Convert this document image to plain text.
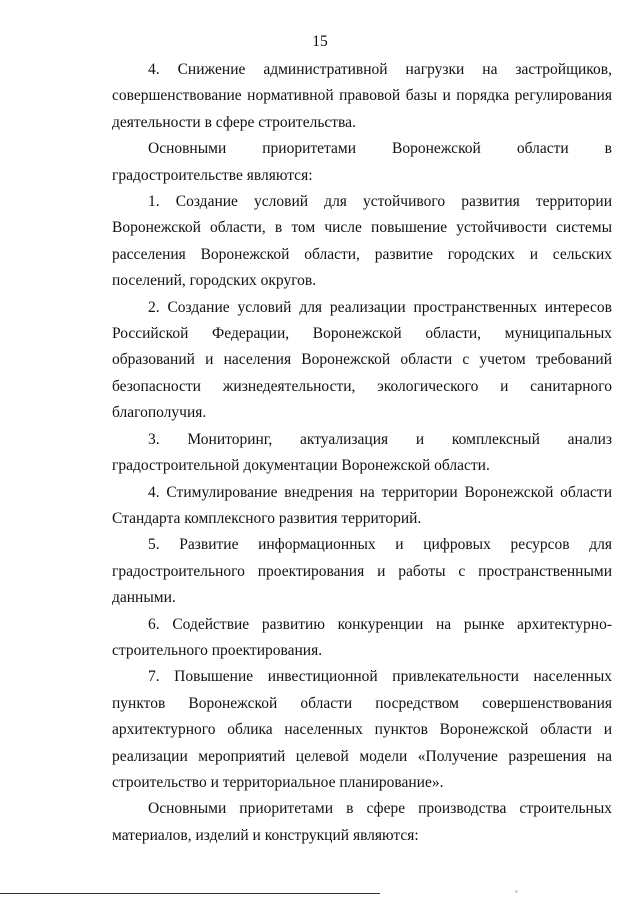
15

4. Снижение административной нагрузки на застройщиков, совершенствование нормативной правовой базы и порядка регулирования деятельности в сфере строительства.

Основными приоритетами Воронежской области в градостроительстве являются:

1. Создание условий для устойчивого развития территории Воронежской области, в том числе повышение устойчивости системы расселения Воронежской области, развитие городских и сельских поселений, городских округов.

2. Создание условий для реализации пространственных интересов Российской Федерации, Воронежской области, муниципальных образований и населения Воронежской области с учетом требований безопасности жизнедеятельности, экологического и санитарного благополучия.

3. Мониторинг, актуализация и комплексный анализ градостроительной документации Воронежской области.

4. Стимулирование внедрения на территории Воронежской области Стандарта комплексного развития территорий.

5. Развитие информационных и цифровых ресурсов для градостроительного проектирования и работы с пространственными данными.

6. Содействие развитию конкуренции на рынке архитектурно-строительного проектирования.

7. Повышение инвестиционной привлекательности населенных пунктов Воронежской области посредством совершенствования архитектурного облика населенных пунктов Воронежской области и реализации мероприятий целевой модели «Получение разрешения на строительство и территориальное планирование».

Основными приоритетами в сфере производства строительных материалов, изделий и конструкций являются:
